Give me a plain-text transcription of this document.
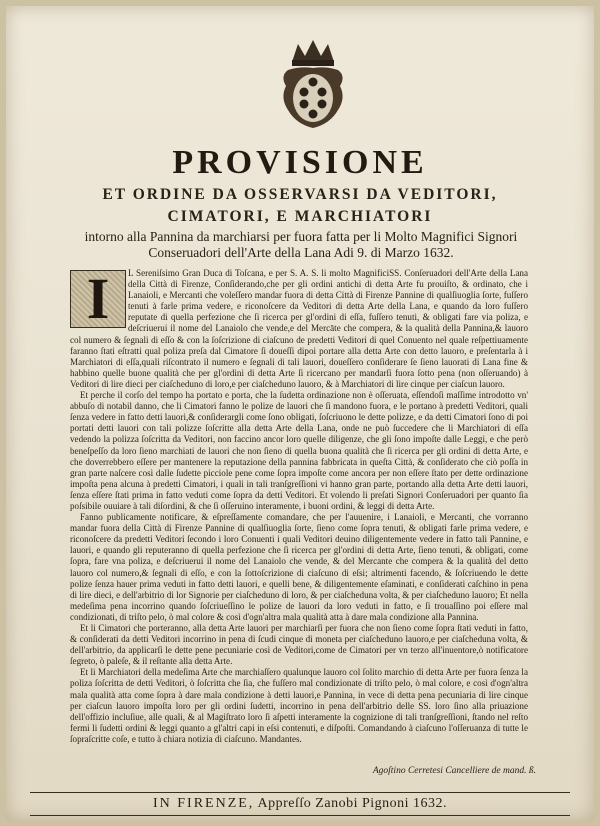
PROVISIONE
ET ORDINE DA OSSERVARSI DA VEDITORI,
CIMATORI, E MARCHIATORI
intorno alla Pannina da marchiarsi per fuora fatta per li Molto Magnifici Signori Conseruadori dell'Arte della Lana Adi 9. di Marzo 1632.

L Sereniſsimo Gran Duca di Toſcana, e per S. A. S. li molto MagnificiSS. Conſeruadori dell'Arte della Lana della Città di Firenze, Conſiderando,che per gli ordini antichi di detta Arte fu prouiſto, & ordinato, che i Lanaioli, e Mercanti che voleſſero mandar fuora di detta Città di Firenze Pannine di qualſiuoglia ſorte, fuſſero tenuti à farle prima vedere, e riconoſcere da Veditori di detta Arte della Lana, e quando da loro fuſſero reputate di quella perfezione che ſi ricerca per gl'ordini di eſſa, fuſſero tenuti, & obligati fare via poliza, e deſcriuerui il nome del Lanaiolo che vende,e del Mercāte che compera, & la qualità della Pannina,& lauoro col numero & ſegnali di eſſo & con la ſoſcrizione di ciaſcuno de predetti Veditori di quel Conuento nel quale reſpettiuamente faranno ſtati eſtratti qual poliza preſa dal Cimatore ſi doueſſi dipoi portare alla detta Arte con detto lauoro, e preſentarla à i Marchiatori di eſſa,quali riſcontrato il numero e ſegnali di tali lauori, doueſſero conſiderare ſe ſieno lauorati di Lana fine & habbino quelle buone qualità che per gl'ordini di detta Arte ſi ricercano per mandarſi fuora ſotto pena (non oſſeruando) à Veditori di lire dieci per ciaſcheduno di loro,e per ciaſcheduno lauoro, & à Marchiatori di lire cinque per ciaſcun lauoro.

Et perche il corſo del tempo ha portato e porta, che la ſudetta ordinazione non è oſſeruata, eſſendoſi maſſime introdotto vn' abbuſo di notabil danno, che li Cimatori fanno le polize de lauori che ſi mandono fuora, e le portano à predetti Veditori, quali ſenza vedere in fatto detti lauori,& conſiderargli come ſono obligati, ſoſcriuono le dette polizze, e da detti Cimatori ſono di poi portati detti lauori con tali polizze ſoſcritte alla detta Arte della Lana, onde ne può ſuccedere che li Marchiatori di eſſa vedendo la polizza ſoſcritta da Veditori, non faccino ancor loro quelle diligenze, che gli ſono impoſte dalle Leggi, e che però beneſpeſſo da loro ſieno marchiati de lauori che non ſieno di quella buona qualità che ſi ricerca per gli ordini di detta Arte, e che doverrebbero eſſere per mantenere la reputazione della pannina fabbricata in queſta Città, & conſiderato che ciò poſſa in gran parte naſcere così dalle ſudette picciole pene come ſopra impoſte come ancora per non eſſere ſtato per dette ordinazione impoſta pena alcuna à predetti Cimatori, i quali in tali tranſgreſſioni vi hanno gran parte, portando alla detta Arte detti lauori, ſenza eſſere ſtati prima in fatto veduti come ſopra da detti Veditori. Et volendo li preſati Signori Conſeruadori per quanto ſia poſsibile ouuiare à tali diſordini, & che ſi oſſeruino interamente, i buoni ordini, & leggi di detta Arte.

Fanno publicamente notificare, & eſpreſſamente comandare, che per l'auuenire, i Lanaioli, e Mercanti, che vorranno mandar fuora della Città di Firenze Pannine di qualſiuoglia ſorte, ſieno come ſopra tenuti, & obligati farle prima vedere, e riconoſcere da predetti Veditori ſecondo i loro Conuenti i quali Veditori deuino diligentemente vedere in fatto tali Pannine, e lauori, e quando gli reputeranno di quella perfezione che ſi ricerca per gl'ordini di detta Arte, ſieno tenuti, & obligati, come ſopra, fare vna poliza, e deſcriuerui il nome del Lanaiolo che vende, & del Mercante che compera & la qualità del detto lauoro col numero,& ſegnali di eſſo, e con la ſottoſcrizione di ciaſcuno di eſsi; altrimenti facendo, & ſoſcriuendo le dette polize ſenza hauer prima veduti in fatto detti lauori, e quelli bene, & diligentemente eſaminati, e conſiderati caſchino in pena di lire dieci, e dell'arbitrio di lor Signorie per ciaſcheduno di loro, & per ciaſcheduna volta, & per ciaſcheduno lauoro; Et nella medeſima pena incorrino quando ſoſcriueſſino le polize de lauori da loro veduti in fatto, e ſi trouaſſino poi eſſere mal condizionati, di triſto pelo, ò mal colore & così d'ogn'altra mala qualità atta à dare mala condizione alla Pannina.

Et li Cimatori che porteranno, alla detta Arte lauori per marchiarſi per fuora che non ſieno come ſopra ſtati veduti in fatto, & conſiderati da detti Veditori incorrino in pena di ſcudi cinque di moneta per ciaſcheduno lauoro,e per ciaſcheduna volta, & dell'arbitrio, da applicarſi le dette pene pecuniarie così de Veditori,come de Cimatori per vn terzo all'inuentore,ò notificatore ſegreto, ò paleſe, & il reſtante alla detta Arte.

Et li Marchiatori della medeſima Arte che marchiaſſero qualunque lauoro col ſolito marchio di detta Arte per fuora ſenza la poliza ſoſcritta de detti Veditori, ò ſoſcritta che ſia, che fuſſero mal condizionate di triſto pelo, ò mal colore, e così d'ogn'altra mala qualità atta come ſopra à dare mala condizione à detti lauori,e Pannina, in vece di detta pena pecuniaria di lire cinque per ciaſcun lauoro impoſta loro per gli ordini ſudetti, incorrino in pena dell'arbitrio delle SS. loro ſino alla priuazione dell'offizio incluſiue, alle quali, & al Magiſtrato loro ſi aſpetti interamente la cognizione di tali tranſgreſſioni, ſtando nel reſto fermi li ſudetti ordini & leggi quanto a gl'altri capi in eſsi contenuti, e diſpoſti. Comandando à ciaſcuno l'oſſeruanza di tutte le ſopraſcritte coſe, e tutto à chiara notizia di ciaſcuno. Mandantes.

I
Agoſtino Cerretesi Cancelliere de mand. ß.
IN FIRENZE, Appreſſo Zanobi Pignoni 1632.
